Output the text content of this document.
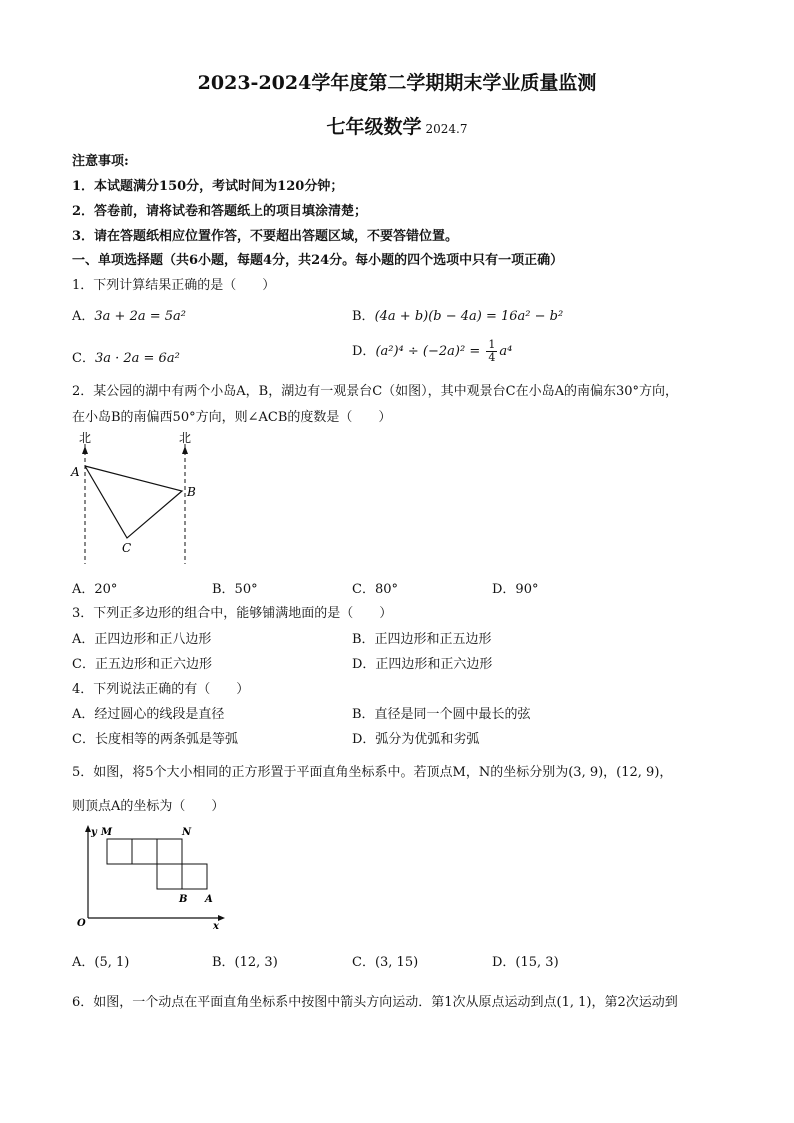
2023-2024学年度第二学期期末学业质量监测
七年级数学 2024.7
注意事项:
1．本试题满分150分，考试时间为120分钟；
2．答卷前，请将试卷和答题纸上的项目填涂清楚；
3．请在答题纸相应位置作答，不要超出答题区域，不要答错位置。
一、单项选择题（共6小题，每题4分，共24分。每小题的四个选项中只有一项正确）
1．下列计算结果正确的是（　　）
A．3a + 2a = 5a²	B．(4a + b)(b − 4a) = 16a² − b²
C．3a · 2a = 6a²	D．$(a^2)^4 \div (-2a)^2 = \frac{1}{4} a^4$
2．某公园的湖中有两个小岛A，B，湖边有一观景台C（如图），其中观景台C在小岛A的南偏东30°方向，
在小岛B的南偏西50°方向，则∠ACB的度数是（　　）
北	北
A
B
C
A．20°	B．50°	C．80°	D．90°
3．下列正多边形的组合中，能够铺满地面的是（　　）
A．正四边形和正八边形	B．正四边形和正五边形
C．正五边形和正六边形	D．正四边形和正六边形
4．下列说法正确的有（　　）
A．经过圆心的线段是直径	B．直径是同一个圆中最长的弦
C．长度相等的两条弧是等弧	D．弧分为优弧和劣弧
5．如图，将5个大小相同的正方形置于平面直角坐标系中。若顶点M，N的坐标分别为(3, 9)，(12, 9)，
则顶点A的坐标为（　　）
y
x
O
M	N
B A
A．(5, 1)	B．(12, 3)	C．(3, 15)	D．(15, 3)
6．如图，一个动点在平面直角坐标系中按图中箭头方向运动．第1次从原点运动到点(1, 1)，第2次运动到
